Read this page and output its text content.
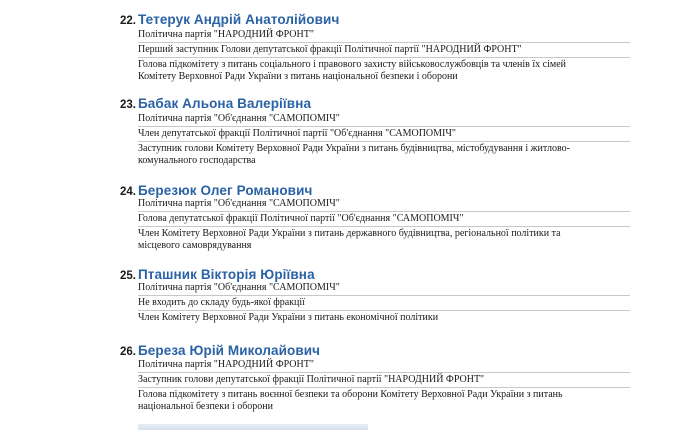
22. Тетерук Андрій Анатолійович
Політична партія "НАРОДНИЙ ФРОНТ"
Перший заступник Голови депутатської фракції Політичної партії "НАРОДНИЙ ФРОНТ"
Голова підкомітету з питань соціального і правового захисту військовослужбовців та членів їх сімей
Комітету Верховної Ради України з питань національної безпеки і оборони
23. Бабак Альона Валеріївна
Політична партія "Об'єднання "САМОПОМІЧ"
Член депутатської фракції Політичної партії "Об'єднання "САМОПОМІЧ"
Заступник голови Комітету Верховної Ради України з питань будівництва, містобудування і житлово-
комунального господарства
24. Березюк Олег Романович
Політична партія "Об'єднання "САМОПОМІЧ"
Голова депутатської фракції Політичної партії "Об'єднання "САМОПОМІЧ"
Член Комітету Верховної Ради України з питань державного будівництва, регіональної політики та
місцевого самоврядування
25. Пташник Вікторія Юріївна
Політична партія "Об'єднання "САМОПОМІЧ"
Не входить до складу будь-якої фракції
Член Комітету Верховної Ради України з питань економічної політики
26. Береза Юрій Миколайович
Політична партія "НАРОДНИЙ ФРОНТ"
Заступник голови депутатської фракції Політичної партії "НАРОДНИЙ ФРОНТ"
Голова підкомітету з питань воєнної безпеки та оборони Комітету Верховної Ради України з питань
національної безпеки і оборони
